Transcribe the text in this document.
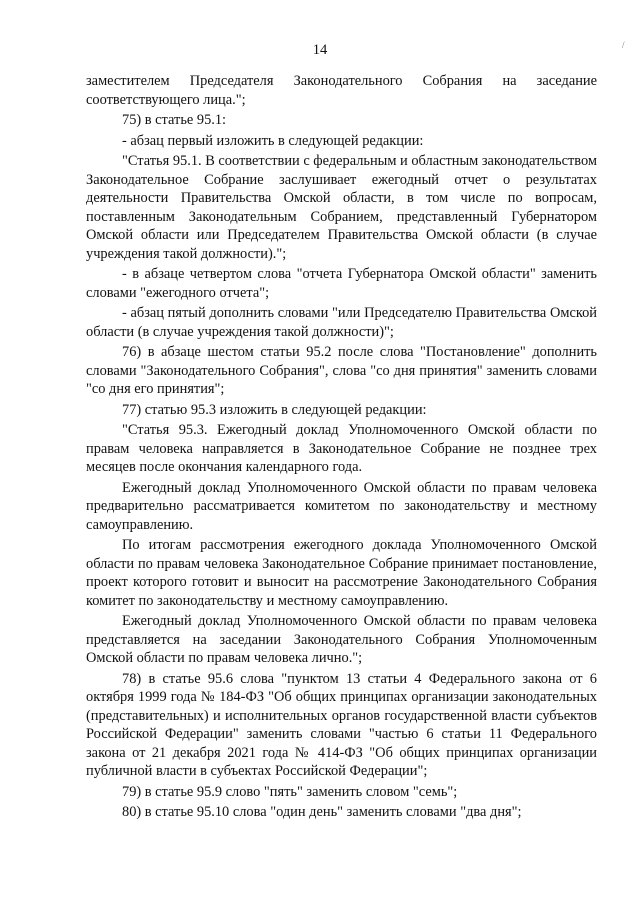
14	/

заместителем Председателя Законодательного Собрания на заседание соответствующего лица.";

75) в статье 95.1:

- абзац первый изложить в следующей редакции:

"Статья 95.1. В соответствии с федеральным и областным законодательством Законодательное Собрание заслушивает ежегодный отчет о результатах деятельности Правительства Омской области, в том числе по вопросам, поставленным Законодательным Собранием, представленный Губернатором Омской области или Председателем Правительства Омской области (в случае учреждения такой должности).";

- в абзаце четвертом слова "отчета Губернатора Омской области" заменить словами "ежегодного отчета";

- абзац пятый дополнить словами "или Председателю Правительства Омской области (в случае учреждения такой должности)";

76) в абзаце шестом статьи 95.2 после слова "Постановление" дополнить словами "Законодательного Собрания", слова "со дня принятия" заменить словами "со дня его принятия";

77) статью 95.3 изложить в следующей редакции:

"Статья 95.3. Ежегодный доклад Уполномоченного Омской области по правам человека направляется в Законодательное Собрание не позднее трех месяцев после окончания календарного года.

Ежегодный доклад Уполномоченного Омской области по правам человека предварительно рассматривается комитетом по законодательству и местному самоуправлению.

По итогам рассмотрения ежегодного доклада Уполномоченного Омской области по правам человека Законодательное Собрание принимает постановление, проект которого готовит и выносит на рассмотрение Законодательного Собрания комитет по законодательству и местному самоуправлению.

Ежегодный доклад Уполномоченного Омской области по правам человека представляется на заседании Законодательного Собрания Уполномоченным Омской области по правам человека лично.";

78) в статье 95.6 слова "пунктом 13 статьи 4 Федерального закона от 6 октября 1999 года № 184-ФЗ "Об общих принципах организации законодательных (представительных) и исполнительных органов государственной власти субъектов Российской Федерации" заменить словами "частью 6 статьи 11 Федерального закона от 21 декабря 2021 года № 414-ФЗ "Об общих принципах организации публичной власти в субъектах Российской Федерации";

79) в статье 95.9 слово "пять" заменить словом "семь";

80) в статье 95.10 слова "один день" заменить словами "два дня";
